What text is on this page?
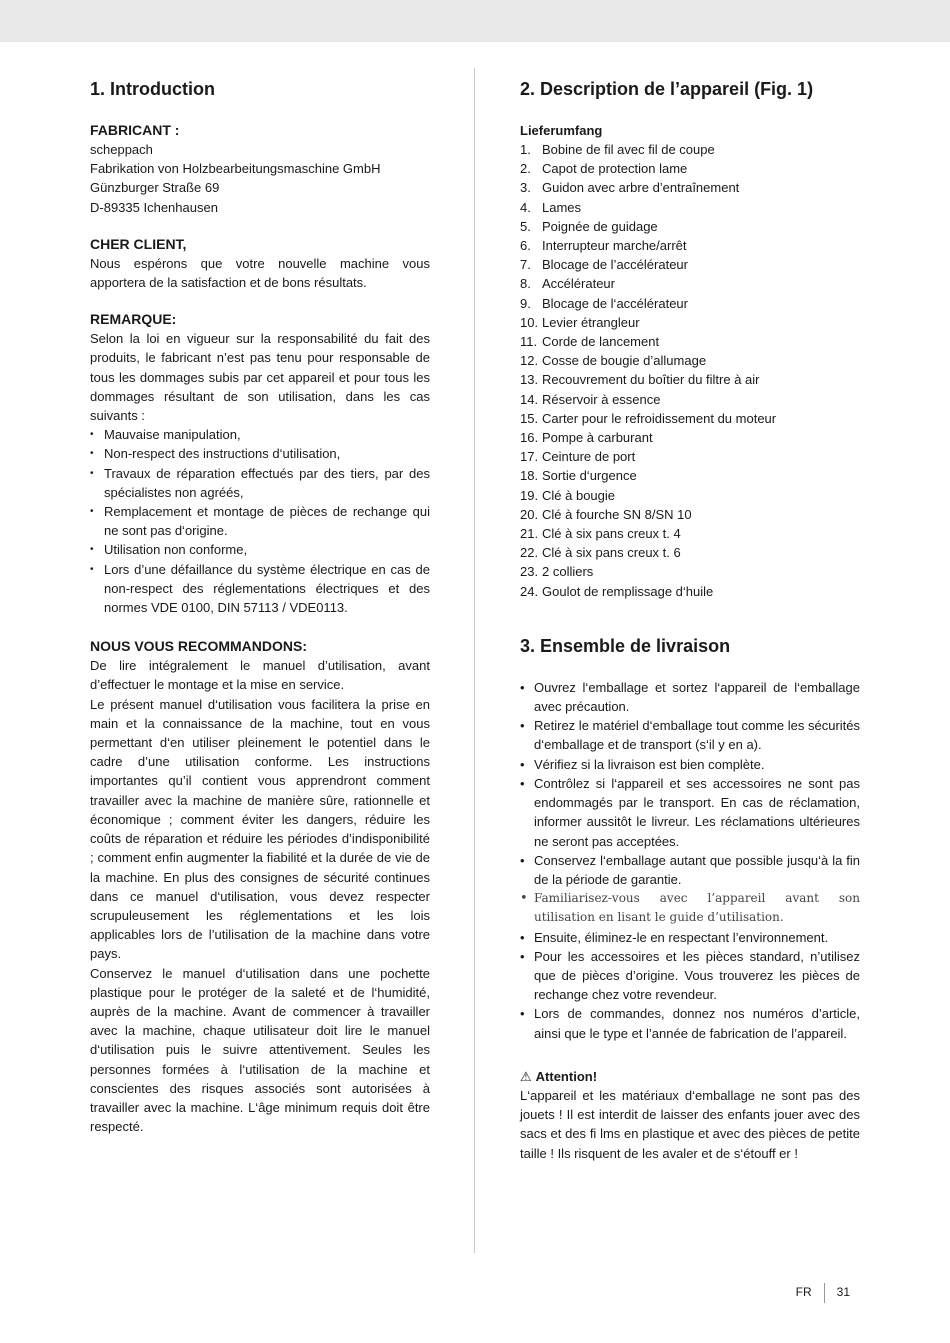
1. Introduction
FABRICANT :

scheppach

Fabrikation von Holzbearbeitungsmaschine GmbH

Günzburger Straße 69

D-89335 Ichenhausen

CHER CLIENT,

Nous espérons que votre nouvelle machine vous apportera de la satisfaction et de bons résultats.

REMARQUE:

Selon la loi en vigueur sur la responsabilité du fait des produits, le fabricant n’est pas tenu pour responsable de tous les dommages subis par cet appareil et pour tous les dommages résultant de son utilisation, dans les cas suivants :

• Mauvaise manipulation,
• Non-respect des instructions d‘utilisation,
• Travaux de réparation effectués par des tiers, par des spécialistes non agréés,
• Remplacement et montage de pièces de rechange qui ne sont pas d‘origine.
• Utilisation non conforme,
• Lors d’une défaillance du système électrique en cas de non-respect des réglementations électriques et des normes VDE 0100, DIN 57113 / VDE0113.
NOUS VOUS RECOMMANDONS:

De lire intégralement le manuel d’utilisation, avant d’effectuer le montage et la mise en service.

Le présent manuel d‘utilisation vous facilitera la prise en main et la connaissance de la machine, tout en vous permettant d‘en utiliser pleinement le potentiel dans le cadre d’une utilisation conforme. Les instructions importantes qu’il contient vous apprendront comment travailler avec la machine de manière sûre, rationnelle et économique ; comment éviter les dangers, réduire les coûts de réparation et réduire les périodes d’indisponibilité ; comment enfin augmenter la fiabilité et la durée de vie de la machine. En plus des consignes de sécurité continues dans ce manuel d‘utilisation, vous devez respecter scrupuleusement les réglementations et les lois applicables lors de l’utilisation de la machine dans votre pays.

Conservez le manuel d‘utilisation dans une pochette plastique pour le protéger de la saleté et de l‘humidité, auprès de la machine. Avant de commencer à travailler avec la machine, chaque utilisateur doit lire le manuel d‘utilisation puis le suivre attentivement. Seules les personnes formées à l‘utilisation de la machine et conscientes des risques associés sont autorisées à travailler avec la machine. L‘âge minimum requis doit être respecté.

2. Description de l’appareil (Fig. 1)
Lieferumfang
1. Bobine de fil avec fil de coupe
2. Capot de protection lame
3. Guidon avec arbre d’entraînement
4. Lames
5. Poignée de guidage
6. Interrupteur marche/arrêt
7. Blocage de l’accélérateur
8. Accélérateur
9. Blocage de l‘accélérateur
10. Levier étrangleur
11. Corde de lancement
12. Cosse de bougie d’allumage
13. Recouvrement du boîtier du filtre à air
14. Réservoir à essence
15. Carter pour le refroidissement du moteur
16. Pompe à carburant
17. Ceinture de port
18. Sortie d‘urgence
19. Clé à bougie
20. Clé à fourche SN 8/SN 10
21. Clé à six pans creux t. 4
22. Clé à six pans creux t. 6
23. 2 colliers
24. Goulot de remplissage d‘huile
3. Ensemble de livraison
• Ouvrez l‘emballage et sortez l‘appareil de l‘emballage avec précaution.
• Retirez le matériel d‘emballage tout comme les sécurités d‘emballage et de transport (s‘il y en a).
• Vérifiez si la livraison est bien complète.
• Contrôlez si l‘appareil et ses accessoires ne sont pas endommagés par le transport. En cas de réclamation, informer aussitôt le livreur. Les réclamations ultérieures ne seront pas acceptées.
• Conservez l‘emballage autant que possible jusqu‘à la fin de la période de garantie.
• Familiarisez-vous avec l’appareil avant son utilisation en lisant le guide d’utilisation.
• Ensuite, éliminez-le en respectant l’environnement.
• Pour les accessoires et les pièces standard, n’utilisez que de pièces d’origine. Vous trouverez les pièces de rechange chez votre revendeur.
• Lors de commandes, donnez nos numéros d’article, ainsi que le type et l’année de fabrication de l’appareil.
⚠ Attention!

L‘appareil et les matériaux d‘emballage ne sont pas des jouets ! Il est interdit de laisser des enfants jouer avec des sacs et des fi lms en plastique et avec des pièces de petite taille ! Ils risquent de les avaler et de s‘étouff er !

FR	31
